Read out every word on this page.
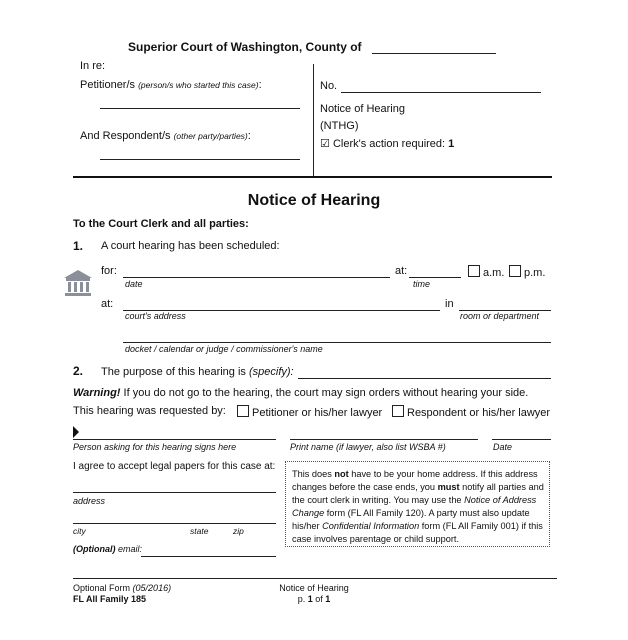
Superior Court of Washington, County of
In re:
Petitioner/s (person/s who started this case):
And Respondent/s (other party/parties):
No.
Notice of Hearing
(NTHG)
☑ Clerk's action required: 1
Notice of Hearing
To the Court Clerk and all parties:
1. A court hearing has been scheduled:
for:
date
at:
time
a.m.	p.m.
at:
court's address
in
room or department
docket / calendar or judge / commissioner's name
2. The purpose of this hearing is (specify):
Warning! If you do not go to the hearing, the court may sign orders without hearing your side.
This hearing was requested by:	Petitioner or his/her lawyer	Respondent or his/her lawyer
Person asking for this hearing signs here	Print name (if lawyer, also list WSBA #)	Date
I agree to accept legal papers for this case at:
address
city	state	zip
(Optional) email:
This does not have to be your home address. If this address changes before the case ends, you must notify all parties and the court clerk in writing. You may use the Notice of Address Change form (FL All Family 120). A party must also update his/her Confidential Information form (FL All Family 001) if this case involves parentage or child support.
Optional Form (05/2016)
FL All Family 185
Notice of Hearing
p. 1 of 1
